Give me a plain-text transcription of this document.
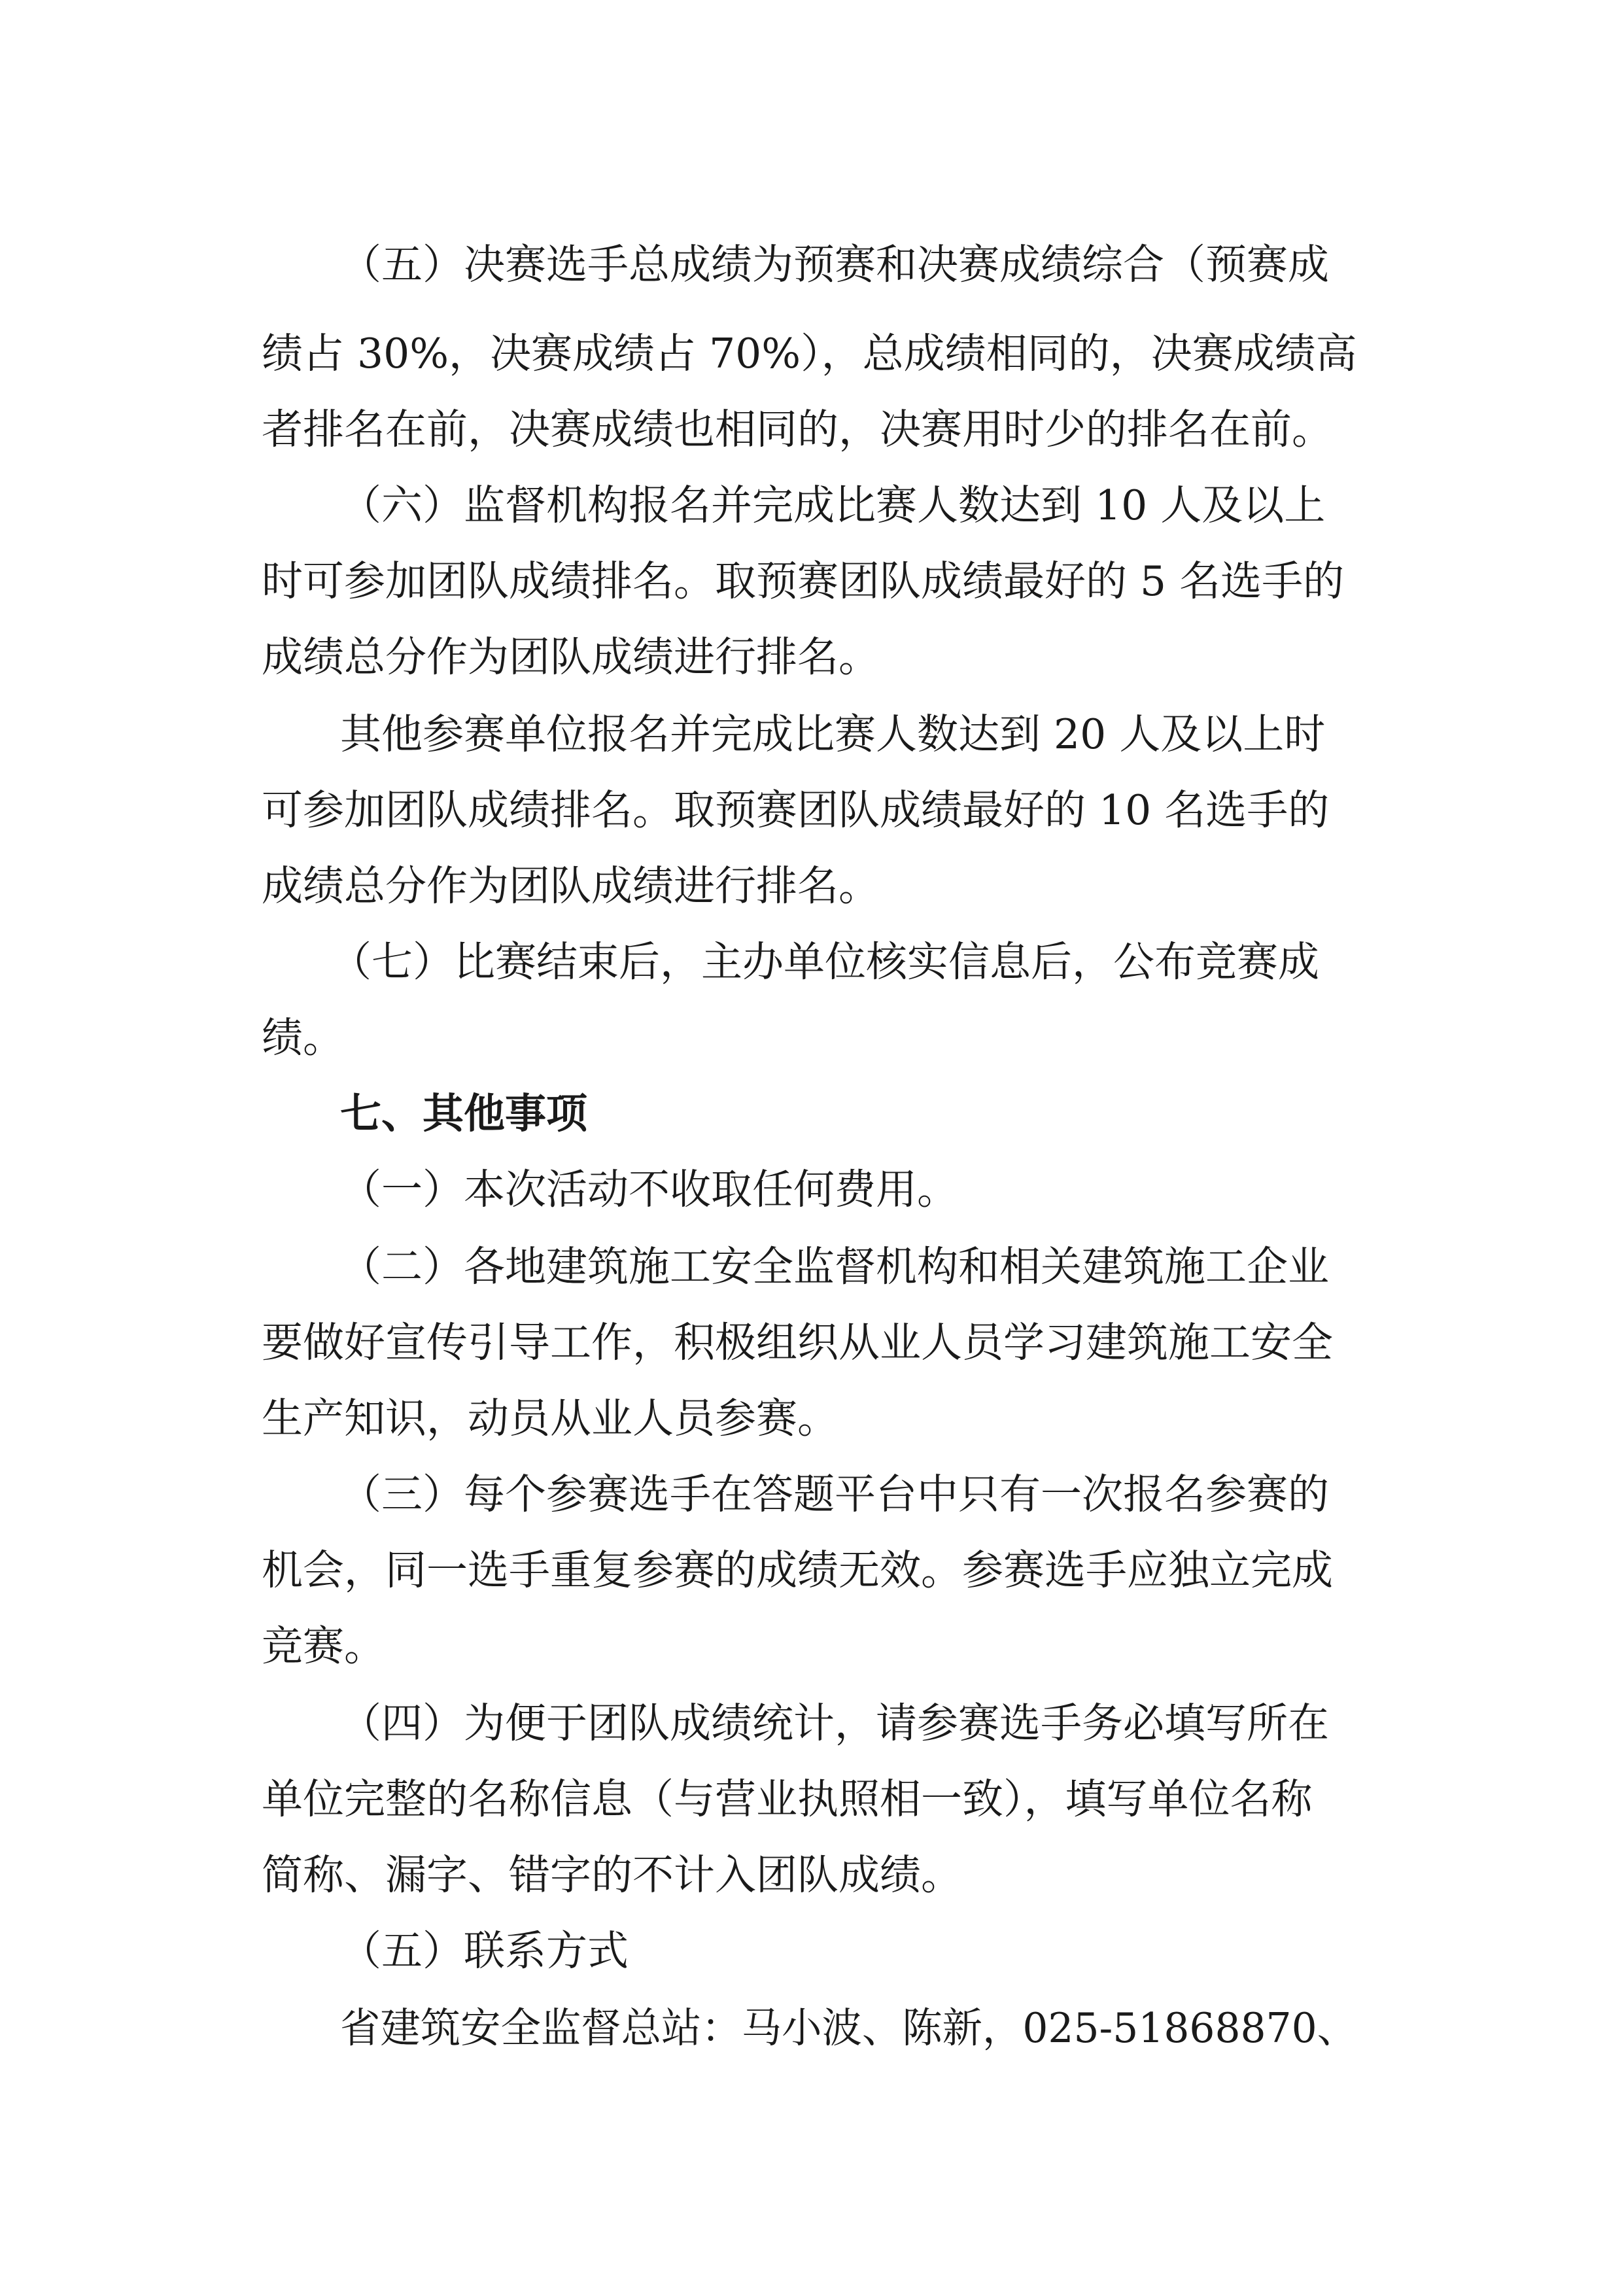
（五）决赛选手总成绩为预赛和决赛成绩综合（预赛成
绩占 30%，决赛成绩占 70%），总成绩相同的，决赛成绩高
者排名在前，决赛成绩也相同的，决赛用时少的排名在前。
（六）监督机构报名并完成比赛人数达到 10 人及以上
时可参加团队成绩排名。取预赛团队成绩最好的 5 名选手的
成绩总分作为团队成绩进行排名。
其他参赛单位报名并完成比赛人数达到 20 人及以上时
可参加团队成绩排名。取预赛团队成绩最好的 10 名选手的
成绩总分作为团队成绩进行排名。
（七）比赛结束后，主办单位核实信息后，公布竞赛成
绩。
七、其他事项
（一）本次活动不收取任何费用。
（二）各地建筑施工安全监督机构和相关建筑施工企业
要做好宣传引导工作，积极组织从业人员学习建筑施工安全
生产知识，动员从业人员参赛。
（三）每个参赛选手在答题平台中只有一次报名参赛的
机会，同一选手重复参赛的成绩无效。参赛选手应独立完成
竞赛。
（四）为便于团队成绩统计，请参赛选手务必填写所在
单位完整的名称信息（与营业执照相一致），填写单位名称
简称、漏字、错字的不计入团队成绩。
（五）联系方式
省建筑安全监督总站：马小波、陈新，025-51868870、
